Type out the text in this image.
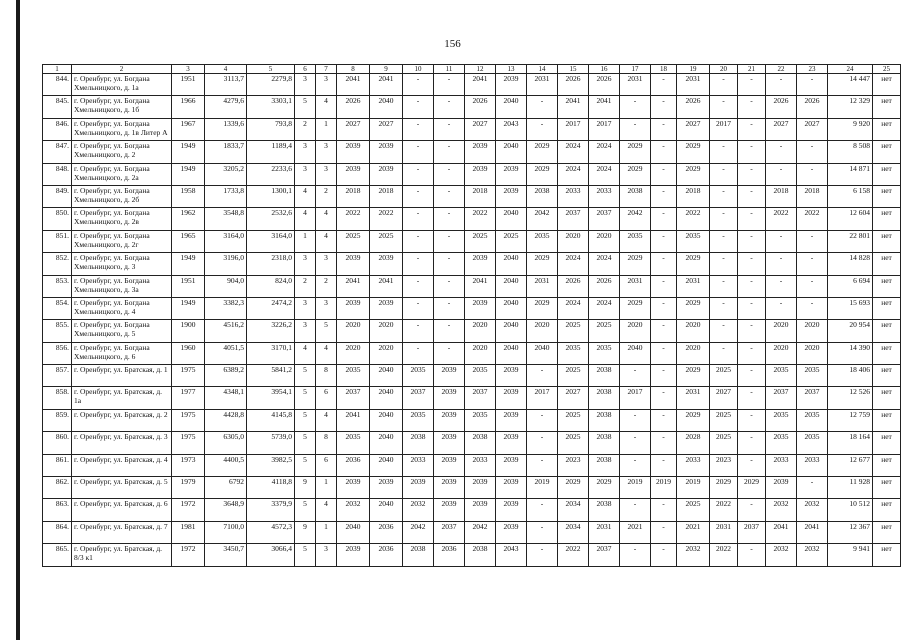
156
1	2	3	4	5	6	7	8	9	10	11	12	13	14	15	16	17	18	19	20	21	22	23	24	25
844.	г. Оренбург, ул. Богдана Хмельницкого, д. 1а	1951	3113,7	2279,8	3	3	2041	2041	-	-	2041	2039	2031	2026	2026	2031	-	2031	-	-	-	-	14 447	нет
845.	г. Оренбург, ул. Богдана Хмельницкого, д. 1б	1966	4279,6	3303,1	5	4	2026	2040	-	-	2026	2040	-	2041	2041	-	-	2026	-	-	2026	2026	12 329	нет
846.	г. Оренбург, ул. Богдана Хмельницкого, д. 1в Литер А	1967	1339,6	793,8	2	1	2027	2027	-	-	2027	2043	-	2017	2017	-	-	2027	2017	-	2027	2027	9 920	нет
847.	г. Оренбург, ул. Богдана Хмельницкого, д. 2	1949	1833,7	1189,4	3	3	2039	2039	-	-	2039	2040	2029	2024	2024	2029	-	2029	-	-	-	-	8 508	нет
848.	г. Оренбург, ул. Богдана Хмельницкого, д. 2а	1949	3205,2	2233,6	3	3	2039	2039	-	-	2039	2039	2029	2024	2024	2029	-	2029	-	-	-	-	14 871	нет
849.	г. Оренбург, ул. Богдана Хмельницкого, д. 2б	1958	1733,8	1300,1	4	2	2018	2018	-	-	2018	2039	2038	2033	2033	2038	-	2018	-	-	2018	2018	6 158	нет
850.	г. Оренбург, ул. Богдана Хмельницкого, д. 2в	1962	3548,8	2532,6	4	4	2022	2022	-	-	2022	2040	2042	2037	2037	2042	-	2022	-	-	2022	2022	12 604	нет
851.	г. Оренбург, ул. Богдана Хмельницкого, д. 2г	1965	3164,0	3164,0	1	4	2025	2025	-	-	2025	2025	2035	2020	2020	2035	-	2035	-	-	-	-	22 801	нет
852.	г. Оренбург, ул. Богдана Хмельницкого, д. 3	1949	3196,0	2318,0	3	3	2039	2039	-	-	2039	2040	2029	2024	2024	2029	-	2029	-	-	-	-	14 828	нет
853.	г. Оренбург, ул. Богдана Хмельницкого, д. 3а	1951	904,0	824,0	2	2	2041	2041	-	-	2041	2040	2031	2026	2026	2031	-	2031	-	-	-	-	6 694	нет
854.	г. Оренбург, ул. Богдана Хмельницкого, д. 4	1949	3382,3	2474,2	3	3	2039	2039	-	-	2039	2040	2029	2024	2024	2029	-	2029	-	-	-	-	15 693	нет
855.	г. Оренбург, ул. Богдана Хмельницкого, д. 5	1900	4516,2	3226,2	3	5	2020	2020	-	-	2020	2040	2020	2025	2025	2020	-	2020	-	-	2020	2020	20 954	нет
856.	г. Оренбург, ул. Богдана Хмельницкого, д. 6	1960	4051,5	3170,1	4	4	2020	2020	-	-	2020	2040	2040	2035	2035	2040	-	2020	-	-	2020	2020	14 390	нет
857.	г. Оренбург, ул. Братская, д. 1	1975	6389,2	5841,2	5	8	2035	2040	2035	2039	2035	2039	-	2025	2038	-	-	2029	2025	-	2035	2035	18 406	нет
858.	г. Оренбург, ул. Братская, д. 1а	1977	4348,1	3954,1	5	6	2037	2040	2037	2039	2037	2039	2017	2027	2038	2017	-	2031	2027	-	2037	2037	12 526	нет
859.	г. Оренбург, ул. Братская, д. 2	1975	4428,8	4145,8	5	4	2041	2040	2035	2039	2035	2039	-	2025	2038	-	-	2029	2025	-	2035	2035	12 759	нет
860.	г. Оренбург, ул. Братская, д. 3	1975	6305,0	5739,0	5	8	2035	2040	2038	2039	2038	2039	-	2025	2038	-	-	2028	2025	-	2035	2035	18 164	нет
861.	г. Оренбург, ул. Братская, д. 4	1973	4400,5	3982,5	5	6	2036	2040	2033	2039	2033	2039	-	2023	2038	-	-	2033	2023	-	2033	2033	12 677	нет
862.	г. Оренбург, ул. Братская, д. 5	1979	6792	4118,8	9	1	2039	2039	2039	2039	2039	2039	2019	2029	2029	2019	2019	2019	2029	2029	2039	-	11 928	нет
863.	г. Оренбург, ул. Братская, д. 6	1972	3648,9	3379,9	5	4	2032	2040	2032	2039	2039	2039	-	2034	2038	-	-	2025	2022	-	2032	2032	10 512	нет
864.	г. Оренбург, ул. Братская, д. 7	1981	7100,0	4572,3	9	1	2040	2036	2042	2037	2042	2039	-	2034	2031	2021	-	2021	2031	2037	2041	2041	12 367	нет
865.	г. Оренбург, ул. Братская, д. 8/3 к1	1972	3450,7	3066,4	5	3	2039	2036	2038	2036	2038	2043	-	2022	2037	-	-	2032	2022	-	2032	2032	9 941	нет
